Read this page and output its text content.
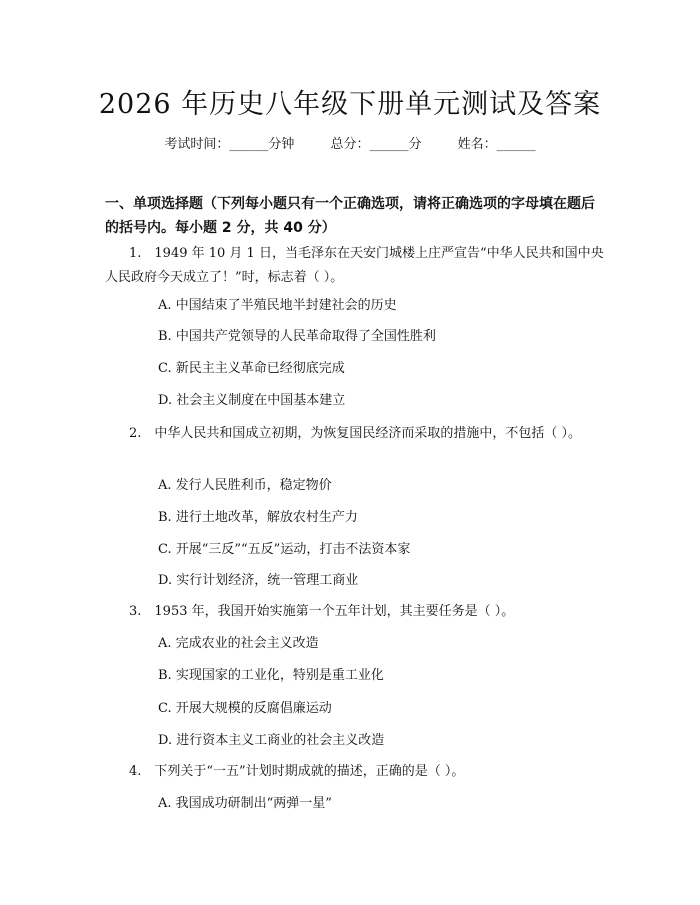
2026 年历史八年级下册单元测试及答案
考试时间：______分钟	总分：______分	姓名：______
一、单项选择题（下列每小题只有一个正确选项，请将正确选项的字母填在题后的括号内。每小题 2 分，共 40 分）
1.　1949 年 10 月 1 日，当毛泽东在天安门城楼上庄严宣告“中华人民共和国中央人民政府今天成立了！”时，标志着（ ）。
A. 中国结束了半殖民地半封建社会的历史
B. 中国共产党领导的人民革命取得了全国性胜利
C. 新民主主义革命已经彻底完成
D. 社会主义制度在中国基本建立
2.　中华人民共和国成立初期，为恢复国民经济而采取的措施中，不包括（ ）。
A. 发行人民胜利币，稳定物价
B. 进行土地改革，解放农村生产力
C. 开展“三反”“五反”运动，打击不法资本家
D. 实行计划经济，统一管理工商业
3.　1953 年，我国开始实施第一个五年计划，其主要任务是（ ）。
A. 完成农业的社会主义改造
B. 实现国家的工业化，特别是重工业化
C. 开展大规模的反腐倡廉运动
D. 进行资本主义工商业的社会主义改造
4.　下列关于“一五”计划时期成就的描述，正确的是（ ）。
A. 我国成功研制出“两弹一星”
